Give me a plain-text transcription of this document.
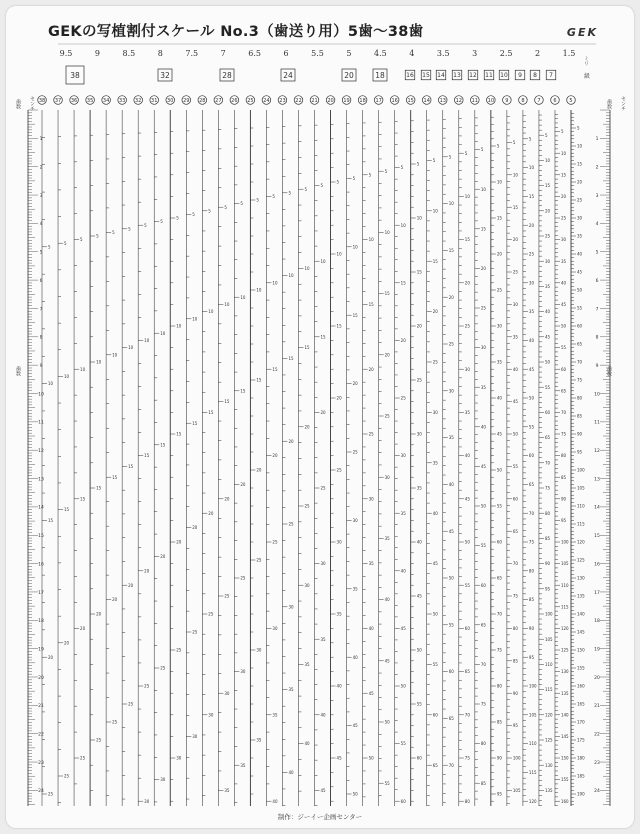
GEKの写植割付スケール No.3（歯送り用）5歯〜38歯	GEK
9.5	9	8.5	8	7.5	7	6.5	6	5.5	5	4.5	4	3.5	3	2.5	2	1.5
ミリ
38	32	28	24	20	18	16 15 14 13 12 11 10 9 8 7	級
38
5
10
15
20
25
37
5
10
15
20
25
36
5
10
15
20
25
35
5
10
15
20
25
34
5
10
15
20
25
33
5
10
15
20
25
32
5
10
15
20
25
30
31
5
10
15
20
25
30
30
5
10
15
20
25
30
29
5
10
15
20
25
30
28
5
10
15
20
25
30
27
5
10
15
20
25
30
35
26
5
10
15
20
25
30
35
25
5
10
15
20
25
30
35
24
5
10
15
20
25
30
35
40
23
5
10
15
20
25
30
35
40
22
5
10
15
20
25
30
35
40
21
5
10
15
20
25
30
35
40
45
20
5
10
15
20
25
30
35
40
45
19
5
10
15
20
25
30
35
40
45
50
18
5
10
15
20
25
30
35
40
45
50
17
5
10
15
20
25
30
35
40
45
50
55
16
5
10
15
20
25
30
35
40
45
50
55
60
15
5
10
15
20
25
30
35
40
45
50
55
60
14
5
10
15
20
25
30
35
40
45
50
55
60
65
13
5
10
15
20
25
30
35
40
45
50
55
60
65
70
12
5
10
15
20
25
30
35
40
45
50
55
60
65
70
75
80
11
5
10
15
20
25
30
35
40
45
50
55
60
65
70
75
80
85
10
5
10
15
20
25
30
35
40
45
50
55
60
65
70
75
80
85
90
95
9
5
10
15
20
25
30
35
40
45
50
55
60
65
70
75
80
85
90
95
100
105
8
5
10
15
20
25
30
35
40
45
50
55
60
65
70
75
80
85
90
95
100
105
110
115
120
7
5
10
15
20
25
30
35
40
45
50
55
60
65
70
75
80
85
90
95
100
105
110
115
120
125
130
135
6
5
10
15
20
25
30
35
40
45
50
55
60
65
70
75
80
85
90
95
100
105
110
115
120
125
130
135
140
145
150
155
160
5
5
10
15
20
25
30
35
40
45
50
55
60
65
70
75
80
85
90
95
100
105
110
115
120
125
130
135
140
145
150
155
160
165
170
175
180
185
190
歯数 センチ
1
2
3
4
5
6
7
8
9
10
11
12
13
14
15
16
17
18
19
20
21
22
23
24
歯数
歯数 センチ
1
2
3
4
5
6
7
8
9
10
11
12
13
14
15
16
17
18
19
20
21
22
23
24
歯数
制作：ジーイー企画センター
